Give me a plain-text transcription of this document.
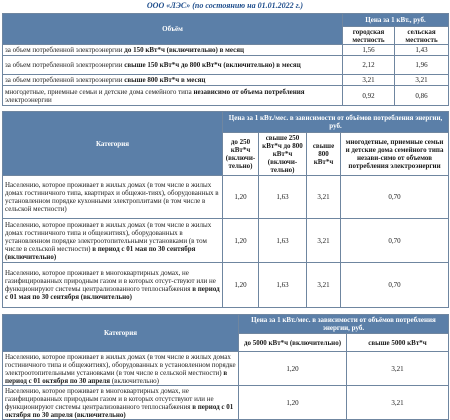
ООО «ЛЭС» (по состоянию на 01.01.2022 г.)
Объём	Цена за 1 кВт., руб.	
	городская местность	сельская местность
за объем потребленной электроэнергии до 150 кВт*ч (включительно) в месяц	1,56	1,43
за объем потребленной электроэнергии свыше 150 кВт*ч до 800 кВт*ч (включительно) в месяц	2,12	1,96
за объем потребленной электроэнергии свыше 800 кВт*ч в месяц	3,21	3,21
многодетные, приемные семьи и детские дома семейного типа независимо от объема потребления электроэнергии	0,92	0,86
Категория	Цена за 1 кВт./мес. в зависимости от объёмов потребления энергии, руб.			
	до 250 кВт*ч (включи-тельно)	свыше 250 кВт*ч до 800 кВт*ч (включи-тельно)	свыше 800 кВт*ч	многодетные, приемные семьи и детские дома семейного типа незави-симо от объемов потребления электроэнергии
Населению, которое проживает в жилых домах (в том числе в жилых домах гостиничного типа, квартирах и общежи-тиях), оборудованных в установленном порядке кухонными электроплитами (в том числе в сельской местности)	1,20	1,63	3,21	0,70
Населению, которое проживает в жилых домах (в том числе в жилых домах гостиничного типа и общежитиях), оборудованных в установленном порядке электроотопительными установками (в том числе в сельской местности) в период с 01 мая по 30 сентября (включительно)	1,20	1,63	3,21	0,70
Населению, которое проживает в многоквартирных домах, не газифицированных природным газом и в которых отсут-ствуют или не функционируют системы централизованного теплоснабжения в период с 01 мая по 30 сентября (включительно)	1,20	1,63	3,21	0,70
Категория	Цена за 1 кВт./мес. в зависимости от объёмов потребления энергии, руб.	
	до 5000 кВт*ч (включительно)	свыше 5000 кВт*ч
Населению, которое проживает в жилых домах (в том числе в жилых домах гостиничного типа и общежитиях), оборудованных в установленном порядке электроотопительными установками (в том числе в сельской местности) в период с 01 октября по 30 апреля (включительно)	1,20	3,21
Населению, которое проживает в многоквартирных домах, не газифицированных природным газом и в которых отсутствуют или не функционируют системы централизованного теплоснабжения в период с 01 октября по 30 апреля (включительно)	1,20	3,21
